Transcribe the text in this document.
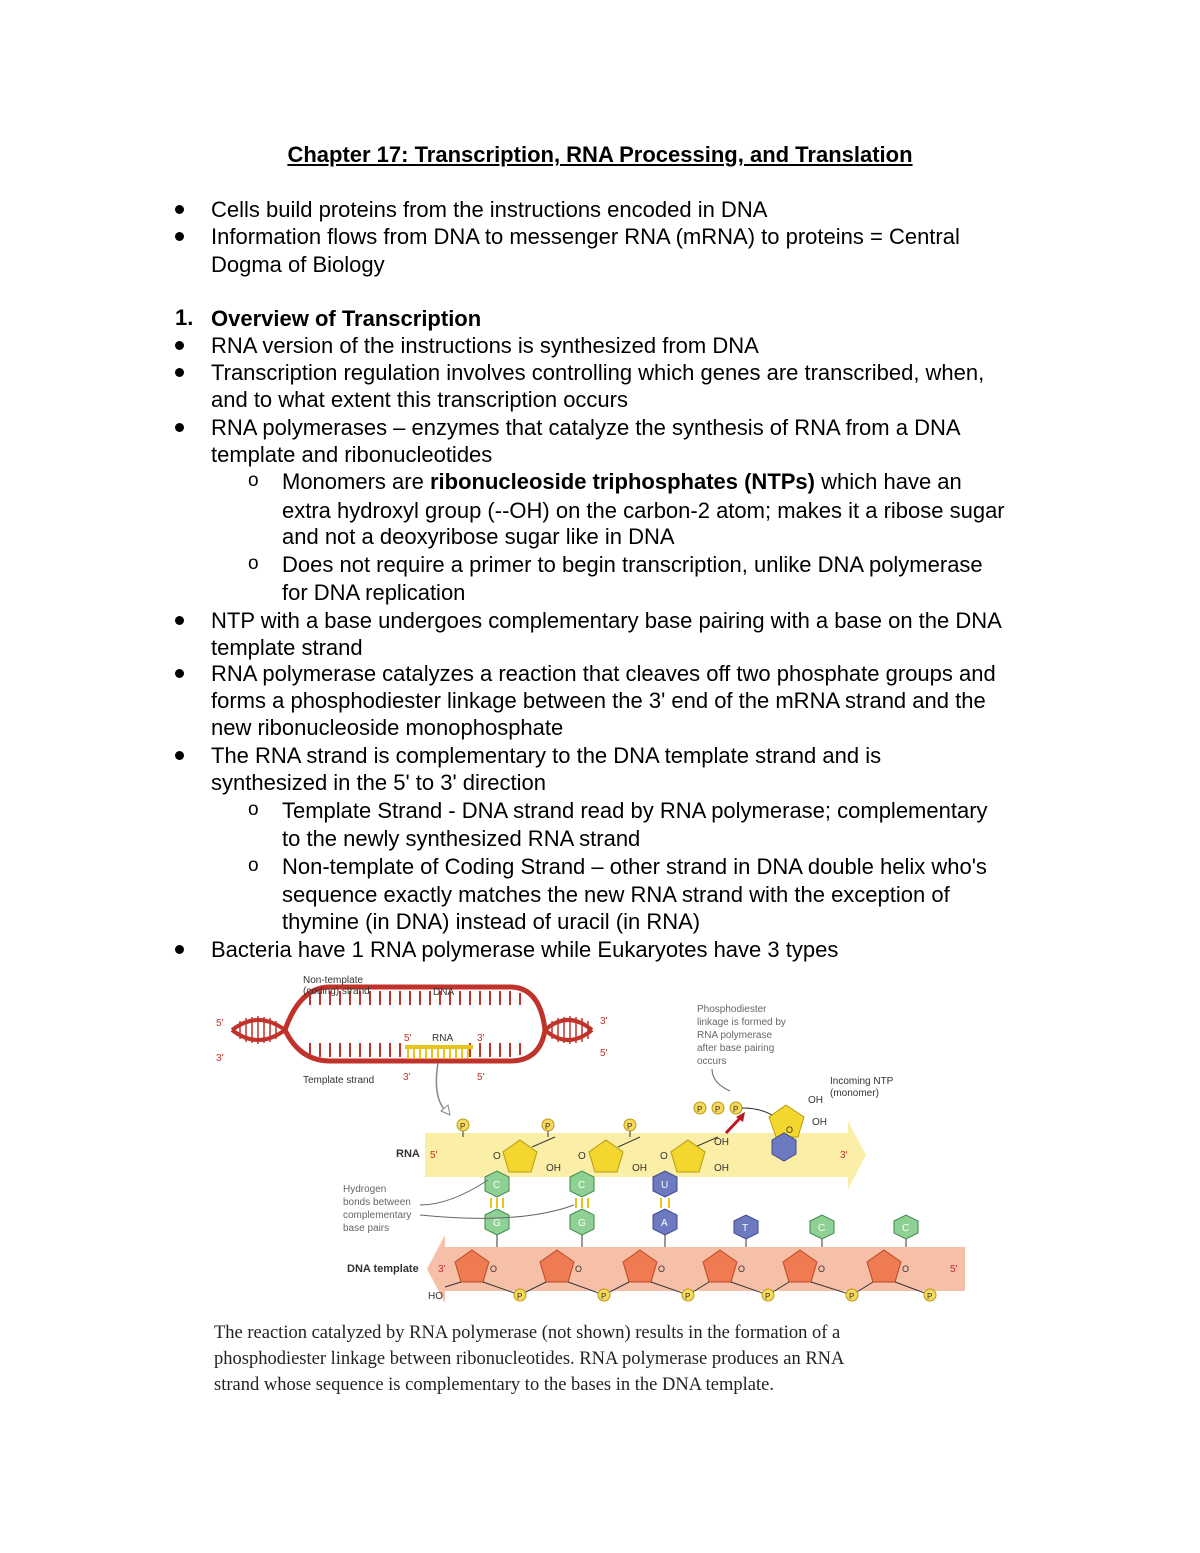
Chapter 17: Transcription, RNA Processing, and Translation
Cells build proteins from the instructions encoded in DNA
Information flows from DNA to messenger RNA (mRNA) to proteins = Central
Dogma of Biology
1. Overview of Transcription
RNA version of the instructions is synthesized from DNA
Transcription regulation involves controlling which genes are transcribed, when,
and to what extent this transcription occurs
RNA polymerases – enzymes that catalyze the synthesis of RNA from a DNA
template and ribonucleotides
o Monomers are ribonucleoside triphosphates (NTPs) which have an
extra hydroxyl group (--OH) on the carbon-2 atom; makes it a ribose sugar
and not a deoxyribose sugar like in DNA
o Does not require a primer to begin transcription, unlike DNA polymerase
for DNA replication
NTP with a base undergoes complementary base pairing with a base on the DNA
template strand
RNA polymerase catalyzes a reaction that cleaves off two phosphate groups and
forms a phosphodiester linkage between the 3' end of the mRNA strand and the
new ribonucleoside monophosphate
The RNA strand is complementary to the DNA template strand and is
synthesized in the 5' to 3' direction
o Template Strand - DNA strand read by RNA polymerase; complementary
to the newly synthesized RNA strand
o Non-template of Coding Strand – other strand in DNA double helix who's
sequence exactly matches the new RNA strand with the exception of
thymine (in DNA) instead of uracil (in RNA)
Bacteria have 1 RNA polymerase while Eukaryotes have 3 types
Non-template
(coding) strand	DNA
RNA
5'
3'
3'
5'
5'	3'
3'	5'
Template strand
Phosphodiester
linkage is formed by
RNA polymerase
after base pairing
occurs
Incoming NTP
(monomer)
RNA 5'	3'
P	P	P
P P P
O
OH
O
OH
O
OH
OH
OH
OH
O
C	C	U
G	G	A	T	C	C
Hydrogen
bonds between
complementary
base pairs
DNA template 3'	5'
O	O	O	O	O	O
P	P	P	P	P	P
HO
The reaction catalyzed by RNA polymerase (not shown) results in the formation of a
phosphodiester linkage between ribonucleotides. RNA polymerase produces an RNA
strand whose sequence is complementary to the bases in the DNA template.
